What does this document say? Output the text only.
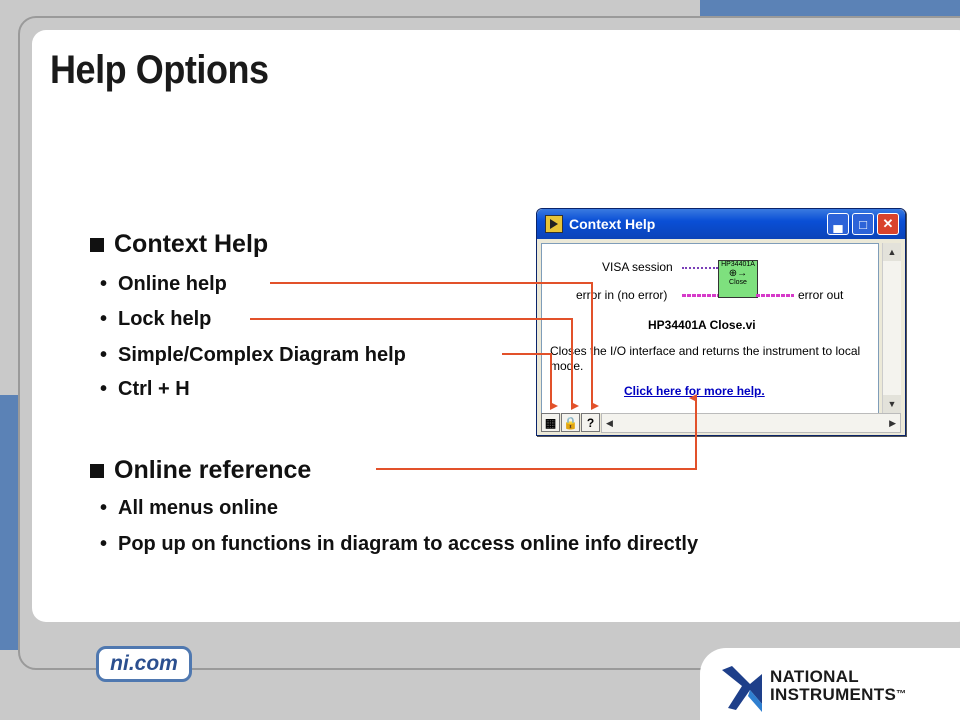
Help Options
Context Help
• Online help
• Lock help
• Simple/Complex Diagram help
• Ctrl + H
Online reference
• All menus online
• Pop up on functions in diagram to access online info directly
Context Help	▄	□	✕
VISA session
error in (no error)
HP34401A
⊕→
Close
error out
HP34401A Close.vi
Closes the I/O interface and returns the instrument to local mode.
Click here for more help.
▲
▼
▦ 🔒 ?	◀	▶
ni.com
NATIONAL
INSTRUMENTS™
